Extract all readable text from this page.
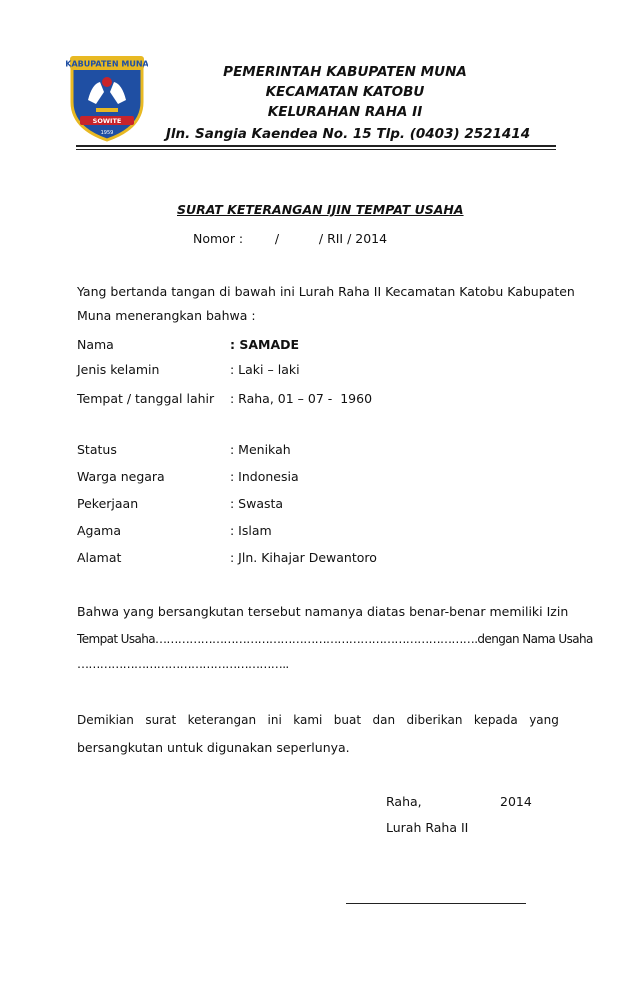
KABUPATEN MUNA
SOWITE
1959
PEMERINTAH KABUPATEN MUNA
KECAMATAN KATOBU
KELURAHAN RAHA II
Jln. Sangia Kaendea No. 15 Tlp. (0403) 2521414
SURAT KETERANGAN IJIN TEMPAT USAHA
Nomor :        /          / RII / 2014
Yang bertanda tangan di bawah ini Lurah Raha II Kecamatan Katobu Kabupaten
Muna menerangkan bahwa :
Nama	: SAMADE
Jenis kelamin	: Laki – laki
Tempat / tanggal lahir : Raha, 01 – 07 -  1960
Status	: Menikah
Warga negara	: Indonesia
Pekerjaan	: Swasta
Agama	: Islam
Alamat	: Jln. Kihajar Dewantoro
Bahwa yang bersangkutan tersebut namanya diatas benar-benar memiliki Izin
Tempat Usaha………………………………………………………………………….dengan Nama Usaha
………………………………………………..
Demikian   surat   keterangan   ini   kami   buat   dan   diberikan   kepada   yang
bersangkutan untuk digunakan seperlunya.
Raha,	2014
Lurah Raha II
